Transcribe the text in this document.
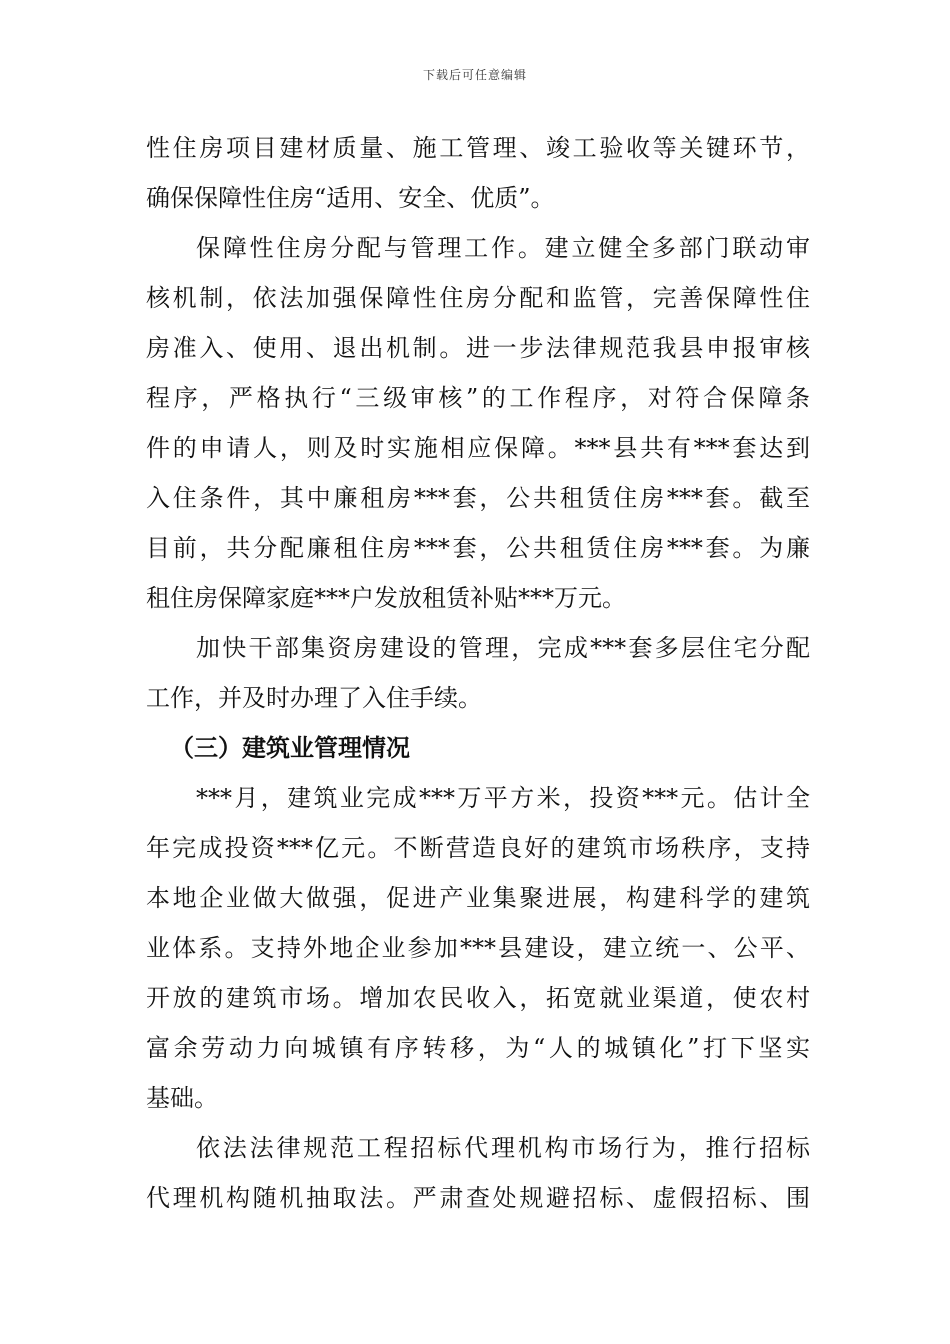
下载后可任意编辑
性住房项目建材质量、施工管理、竣工验收等关键环节，
确保保障性住房“适用、安全、优质”。
保障性住房分配与管理工作。建立健全多部门联动审
核机制，依法加强保障性住房分配和监管，完善保障性住
房准入、使用、退出机制。进一步法律规范我县申报审核
程序，严格执行“三级审核”的工作程序，对符合保障条
件的申请人，则及时实施相应保障。***县共有***套达到
入住条件，其中廉租房***套，公共租赁住房***套。截至
目前，共分配廉租住房***套，公共租赁住房***套。为廉
租住房保障家庭***户发放租赁补贴***万元。
加快干部集资房建设的管理，完成***套多层住宅分配
工作，并及时办理了入住手续。
（三）建筑业管理情况
***月，建筑业完成***万平方米，投资***元。估计全
年完成投资***亿元。不断营造良好的建筑市场秩序，支持
本地企业做大做强，促进产业集聚进展，构建科学的建筑
业体系。支持外地企业参加***县建设，建立统一、公平、
开放的建筑市场。增加农民收入，拓宽就业渠道，使农村
富余劳动力向城镇有序转移，为“人的城镇化”打下坚实
基础。
依法法律规范工程招标代理机构市场行为，推行招标
代理机构随机抽取法。严肃查处规避招标、虚假招标、围
